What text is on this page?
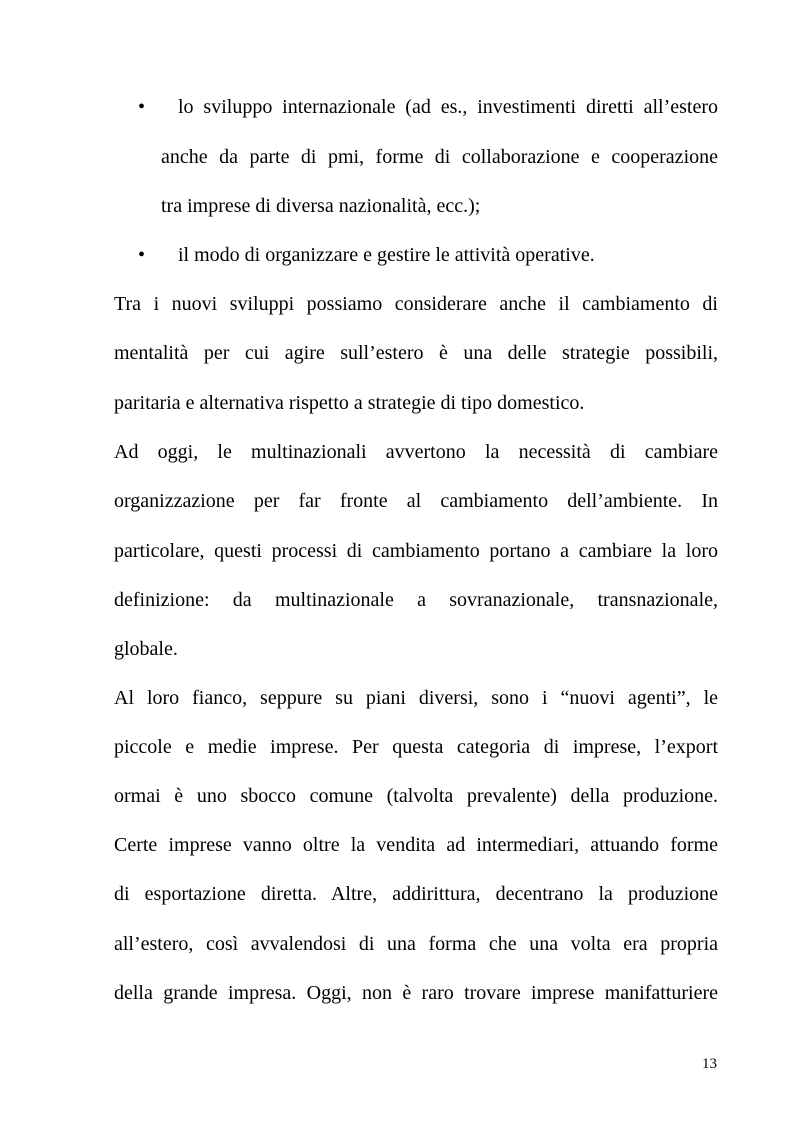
• lo sviluppo internazionale (ad es., investimenti diretti all’estero
anche da parte di pmi, forme di collaborazione e cooperazione
tra imprese di diversa nazionalità, ecc.);
• il modo di organizzare e gestire le attività operative.
Tra i nuovi sviluppi possiamo considerare anche il cambiamento di
mentalità per cui agire sull’estero è una delle strategie possibili,
paritaria e alternativa rispetto a strategie di tipo domestico.
Ad oggi, le multinazionali avvertono la necessità di cambiare
organizzazione per far fronte al cambiamento dell’ambiente. In
particolare, questi processi di cambiamento portano a cambiare la loro
definizione: da multinazionale a sovranazionale, transnazionale,
globale.
Al loro fianco, seppure su piani diversi, sono i “nuovi agenti”, le
piccole e medie imprese. Per questa categoria di imprese, l’export
ormai è uno sbocco comune (talvolta prevalente) della produzione.
Certe imprese vanno oltre la vendita ad intermediari, attuando forme
di esportazione diretta. Altre, addirittura, decentrano la produzione
all’estero, così avvalendosi di una forma che una volta era propria
della grande impresa. Oggi, non è raro trovare imprese manifatturiere
13
